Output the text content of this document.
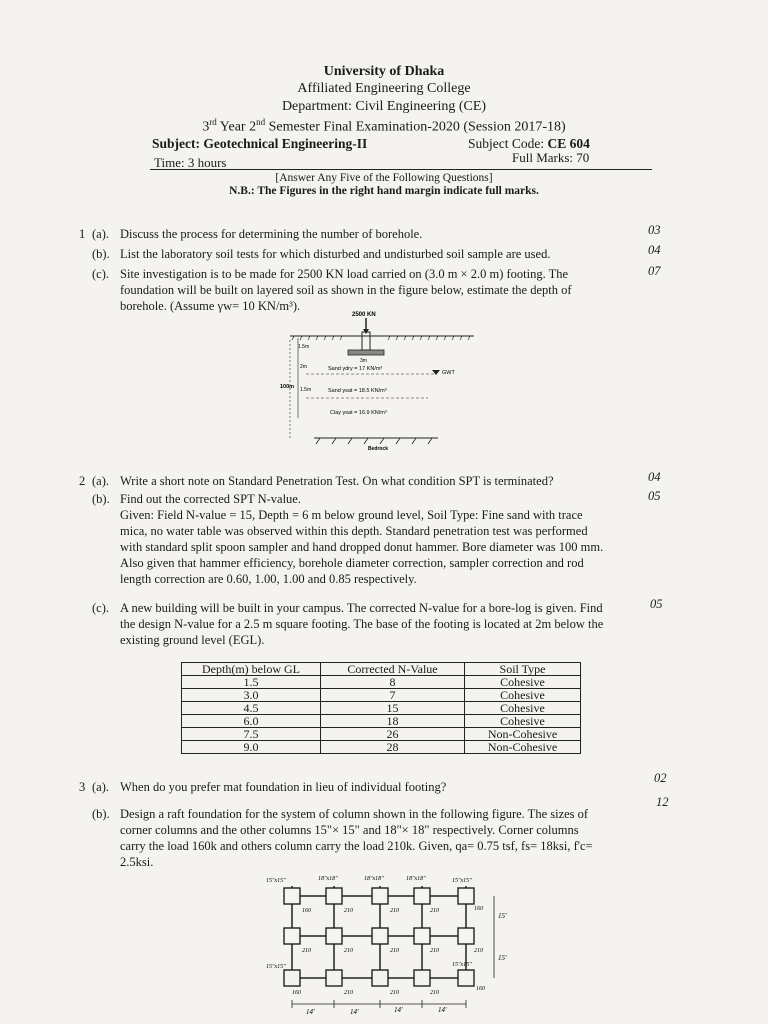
University of Dhaka
Affiliated Engineering College
Department: Civil Engineering (CE)
3rd Year 2nd Semester Final Examination-2020 (Session 2017-18)
Subject: Geotechnical Engineering-II	Subject Code: CE 604
Time: 3 hours	Full Marks: 70
[Answer Any Five of the Following Questions]
N.B.: The Figures in the right hand margin indicate full marks.
1 (a). Discuss the process for determining the number of borehole.	03
(b). List the laboratory soil tests for which disturbed and undisturbed soil sample are used.	04
(c). Site investigation is to be made for 2500 KN load carried on (3.0 m × 2.0 m) footing. The
foundation will be built on layered soil as shown in the figure below, estimate the depth of
borehole. (Assume γw= 10 KN/m³).
07
2500 KN
3m
1.5m
100m
2m	Sand γdry = 17 KN/m³
GWT
1.5m	Sand γsat = 18.5 KN/m³
Clay γsat = 16.9 KN/m³
Bedrock
2 (a). Write a short note on Standard Penetration Test. On what condition SPT is terminated?	04
(b). Find out the corrected SPT N-value.	05
Given: Field N-value = 15, Depth = 6 m below ground level, Soil Type: Fine sand with trace
mica, no water table was observed within this depth. Standard penetration test was performed
with standard split spoon sampler and hand dropped donut hammer. Bore diameter was 100 mm.
Also given that hammer efficiency, borehole diameter correction, sampler correction and rod
length correction are 0.60, 1.00, 1.00 and 0.85 respectively.
(c). A new building will be built in your campus. The corrected N-value for a bore-log is given. Find
the design N-value for a 2.5 m square footing. The base of the footing is located at 2m below the
existing ground level (EGL).
05
Depth(m) below GL	Corrected N-Value	Soil Type
1.5	8	Cohesive
3.0	7	Cohesive
4.5	15	Cohesive
6.0	18	Cohesive
7.5	26	Non-Cohesive
9.0	28	Non-Cohesive
3 (a). When do you prefer mat foundation in lieu of individual footing?
02
(b). Design a raft foundation for the system of column shown in the following figure. The sizes of
corner columns and the other columns 15"× 15" and 18"× 18" respectively. Corner columns
carry the load 160k and others column carry the load 210k. Given, qa= 0.75 tsf, fs= 18ksi, f'c=
2.5ksi.
12
15"x15"	18"x18"	18"x18"	18"x18"	15"x15"
160	210	210	210	160
210	210	210	210	210
160	210	210	210
160
15"x15"	15"x15"
14'	14'	14'	14'
15'
15'
